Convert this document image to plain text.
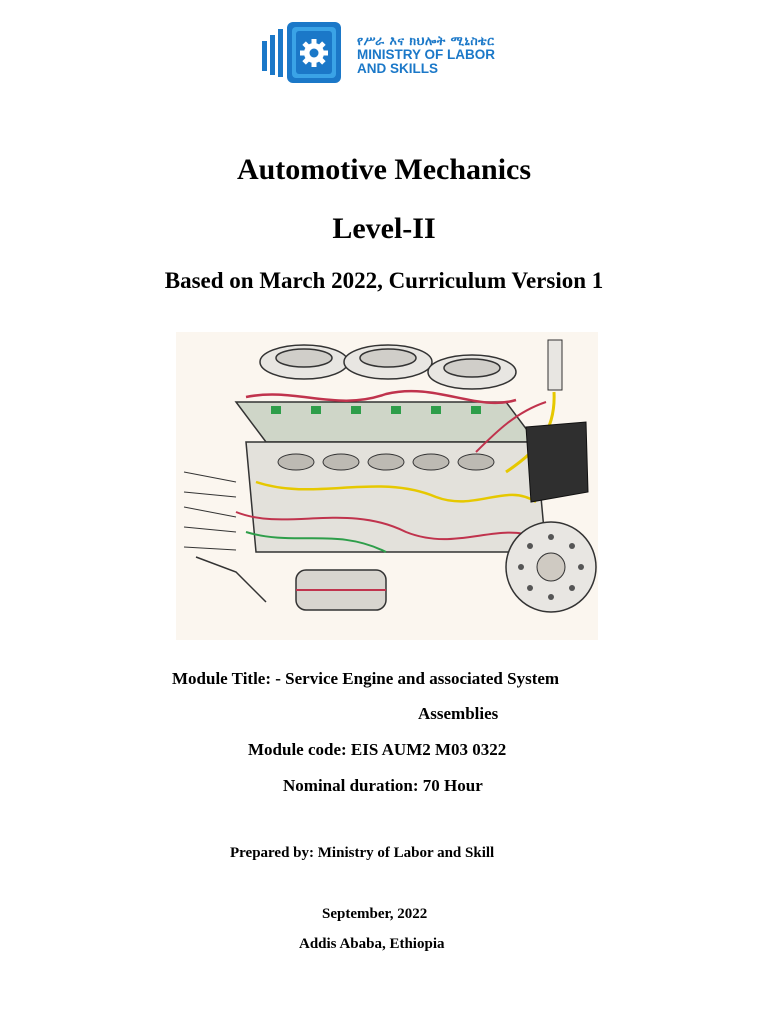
የሥራ እና ክህሎት ሚኒስቴር
MINISTRY OF LABOR
AND SKILLS
Automotive Mechanics
Level-II
Based on March 2022, Curriculum Version 1
Module Title: - Service Engine and associated System
Assemblies
Module code: EIS AUM2 M03 0322
Nominal duration: 70 Hour
Prepared by: Ministry of Labor and Skill
September, 2022
Addis Ababa, Ethiopia
